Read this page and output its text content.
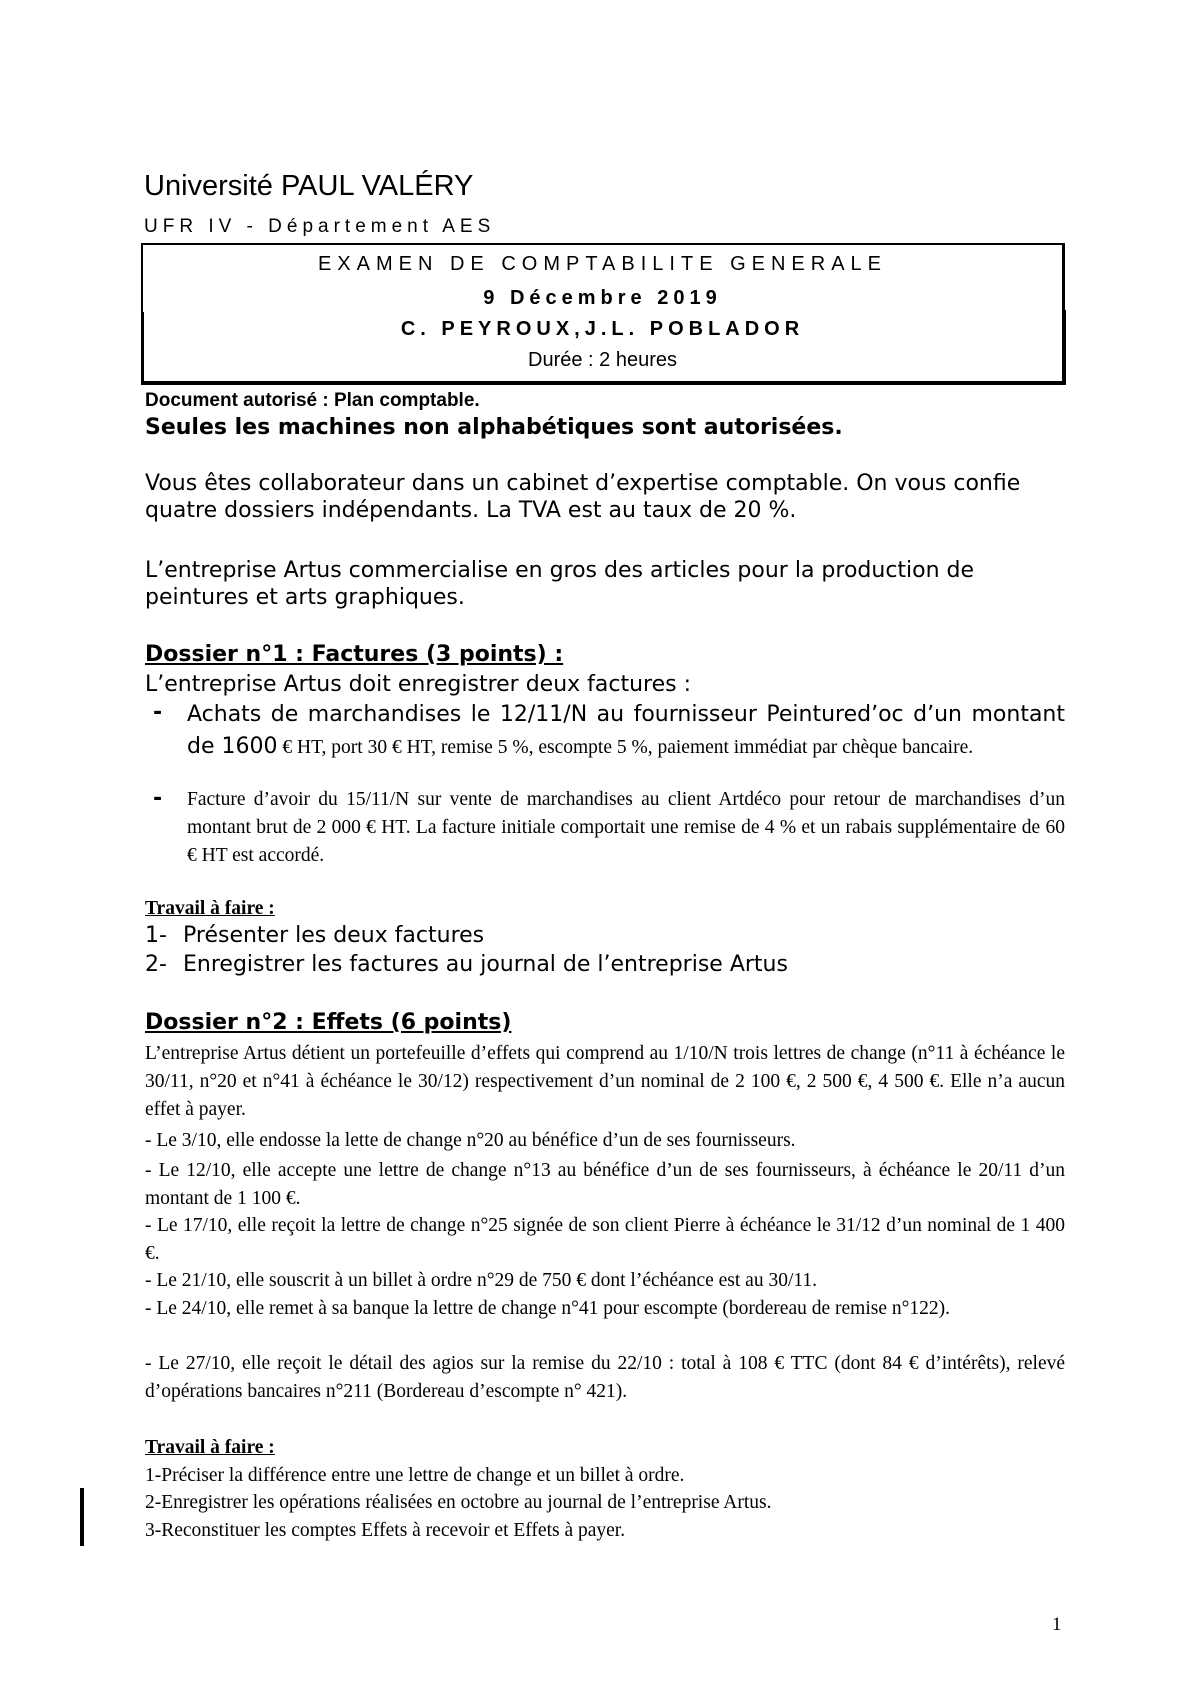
Université PAUL VALÉRY
UFR IV - Département AES
EXAMEN DE COMPTABILITE GENERALE
9 Décembre 2019
C. PEYROUX,J.L. POBLADOR
Durée : 2 heures
Document autorisé : Plan comptable.
Seules les machines non alphabétiques sont autorisées.
Vous êtes collaborateur dans un cabinet d’expertise comptable. On vous confie quatre dossiers indépendants. La TVA est au taux de 20 %.
L’entreprise Artus commercialise en gros des articles pour la production de peintures et arts graphiques.
Dossier n°1 : Factures (3 points) :
L’entreprise Artus doit enregistrer deux factures :
- Achats de marchandises le 12/11/N au fournisseur Peinturedʼoc dʼun montant de 1600 € HT, port 30 € HT, remise 5 %, escompte 5 %, paiement immédiat par chèque bancaire.
- Facture d’avoir du 15/11/N sur vente de marchandises au client Artdéco pour retour de marchandises d’un montant brut de 2 000 € HT. La facture initiale comportait une remise de 4 % et un rabais supplémentaire de 60 € HT est accordé.
Travail à faire :
1- Présenter les deux factures
2- Enregistrer les factures au journal de l’entreprise Artus
Dossier n°2 : Effets (6 points)
L’entreprise Artus détient un portefeuille d’effets qui comprend au 1/10/N trois lettres de change (n°11 à échéance le 30/11, n°20 et n°41 à échéance le 30/12) respectivement d’un nominal de 2 100 €, 2 500 €, 4 500 €. Elle n’a aucun effet à payer.
- Le 3/10, elle endosse la lette de change n°20 au bénéfice d’un de ses fournisseurs.
- Le 12/10, elle accepte une lettre de change n°13 au bénéfice d’un de ses fournisseurs, à échéance le 20/11 d’un montant de 1 100 €.
- Le 17/10, elle reçoit la lettre de change n°25 signée de son client Pierre à échéance le 31/12 d’un nominal de 1 400 €.
- Le 21/10, elle souscrit à un billet à ordre n°29 de 750 € dont l’échéance est au 30/11.
- Le 24/10, elle remet à sa banque la lettre de change n°41 pour escompte (bordereau de remise n°122).
- Le 27/10, elle reçoit le détail des agios sur la remise du 22/10 : total à 108 € TTC (dont 84 € d’intérêts), relevé d’opérations bancaires n°211 (Bordereau d’escompte n° 421).
Travail à faire :
1-Préciser la différence entre une lettre de change et un billet à ordre.
2-Enregistrer les opérations réalisées en octobre au journal de l’entreprise Artus.
3-Reconstituer les comptes Effets à recevoir et Effets à payer.
1
